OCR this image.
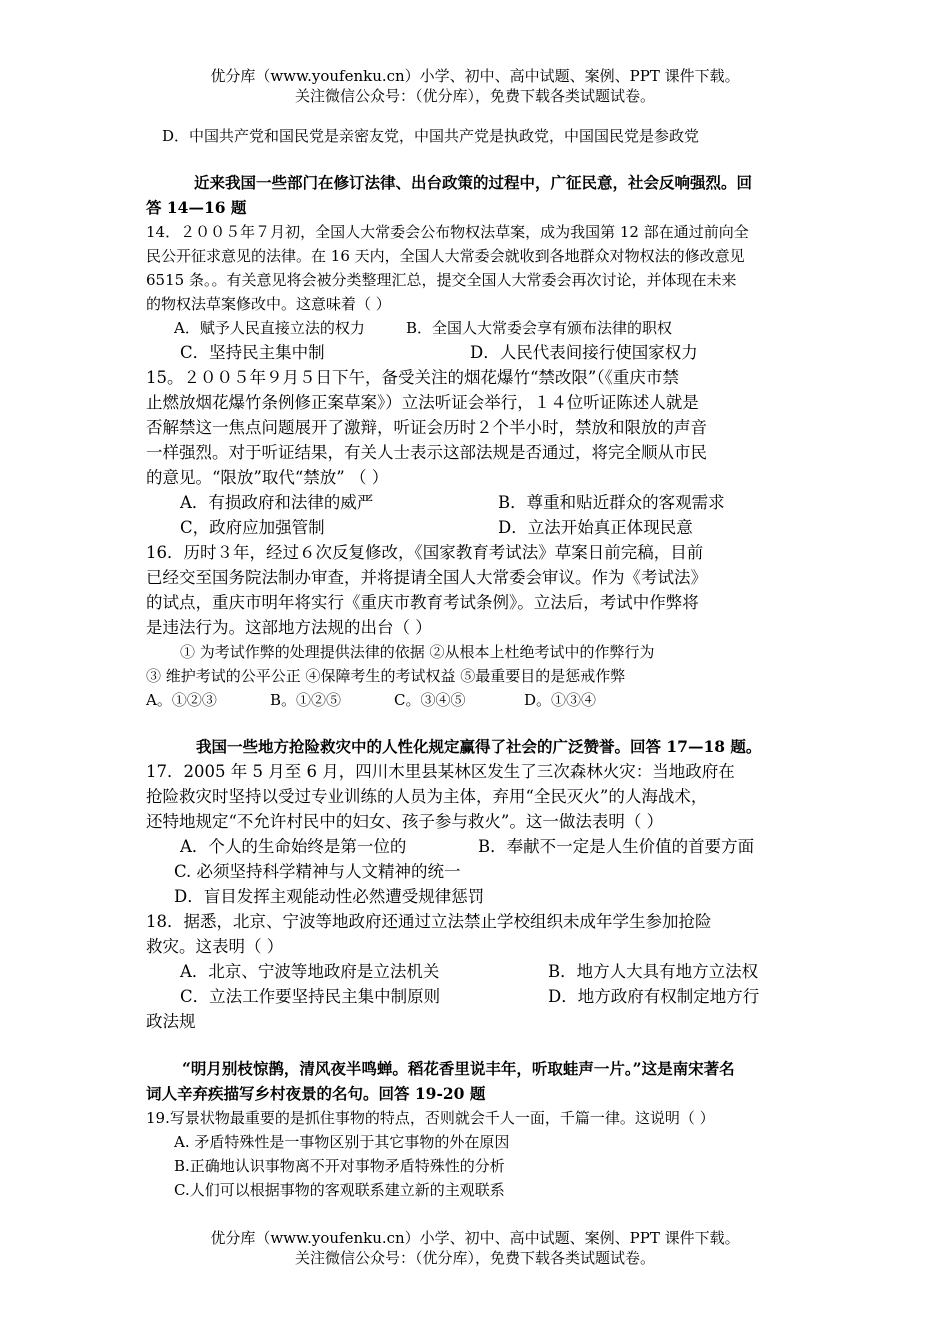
优分库（www.youfenku.cn）小学、初中、高中试题、案例、PPT 课件下载。
关注微信公众号：（优分库），免费下载各类试题试卷。
D．中国共产党和国民党是亲密友党，中国共产党是执政党，中国国民党是参政党
近来我国一些部门在修订法律、出台政策的过程中，广征民意，社会反响强烈。回
答 14—16 题
14．２００５年７月初，全国人大常委会公布物权法草案，成为我国第 12 部在通过前向全
民公开征求意见的法律。在 16 天内，全国人大常委会就收到各地群众对物权法的修改意见
6515 条。。有关意见将会被分类整理汇总，提交全国人大常委会再次讨论，并体现在未来
的物权法草案修改中。这意味着（ ）
A．赋予人民直接立法的权力	B．全国人大常委会享有颁布法律的职权
C．坚持民主集中制	D．人民代表间接行使国家权力
15。２００５年９月５日下午，备受关注的烟花爆竹“禁改限”（《重庆市禁
止燃放烟花爆竹条例修正案草案》）立法听证会举行，１４位听证陈述人就是
否解禁这一焦点问题展开了激辩，听证会历时２个半小时，禁放和限放的声音
一样强烈。对于听证结果，有关人士表示这部法规是否通过，将完全顺从市民
的意见。“限放”取代“禁放” （ ）
A．有损政府和法律的威严	B．尊重和贴近群众的客观需求
C，政府应加强管制	D．立法开始真正体现民意
16．历时３年，经过６次反复修改，《国家教育考试法》草案日前完稿，目前
已经交至国务院法制办审查，并将提请全国人大常委会审议。作为《考试法》
的试点，重庆市明年将实行《重庆市教育考试条例》。立法后，考试中作弊将
是违法行为。这部地方法规的出台（ ）
① 为考试作弊的处理提供法律的依据 ②从根本上杜绝考试中的作弊行为
③ 维护考试的公平公正 ④保障考生的考试权益 ⑤最重要目的是惩戒作弊
A。①②③	B。①②⑤	C。③④⑤	D。①③④
我国一些地方抢险救灾中的人性化规定赢得了社会的广泛赞誉。回答 17—18 题。
17．2005 年 5 月至 6 月，四川木里县某林区发生了三次森林火灾：当地政府在
抢险救灾时坚持以受过专业训练的人员为主体，弃用“全民灭火”的人海战术，
还特地规定“不允许村民中的妇女、孩子参与救火”。这一做法表明（ ）
A．个人的生命始终是第一位的	B．奉献不一定是人生价值的首要方面
C. 必须坚持科学精神与人文精神的统一
D．盲目发挥主观能动性必然遭受规律惩罚
18．据悉，北京、宁波等地政府还通过立法禁止学校组织未成年学生参加抢险
救灾。这表明（ ）
A．北京、宁波等地政府是立法机关	B．地方人大具有地方立法权
C．立法工作要坚持民主集中制原则	D．地方政府有权制定地方行
政法规
“明月别枝惊鹊，清风夜半鸣蝉。稻花香里说丰年，听取蛙声一片。”这是南宋著名
词人辛弃疾描写乡村夜景的名句。回答 19-20 题
19.写景状物最重要的是抓住事物的特点，否则就会千人一面，千篇一律。这说明（ ）
A. 矛盾特殊性是一事物区别于其它事物的外在原因
B.正确地认识事物离不开对事物矛盾特殊性的分析
C.人们可以根据事物的客观联系建立新的主观联系
优分库（www.youfenku.cn）小学、初中、高中试题、案例、PPT 课件下载。
关注微信公众号：（优分库），免费下载各类试题试卷。
